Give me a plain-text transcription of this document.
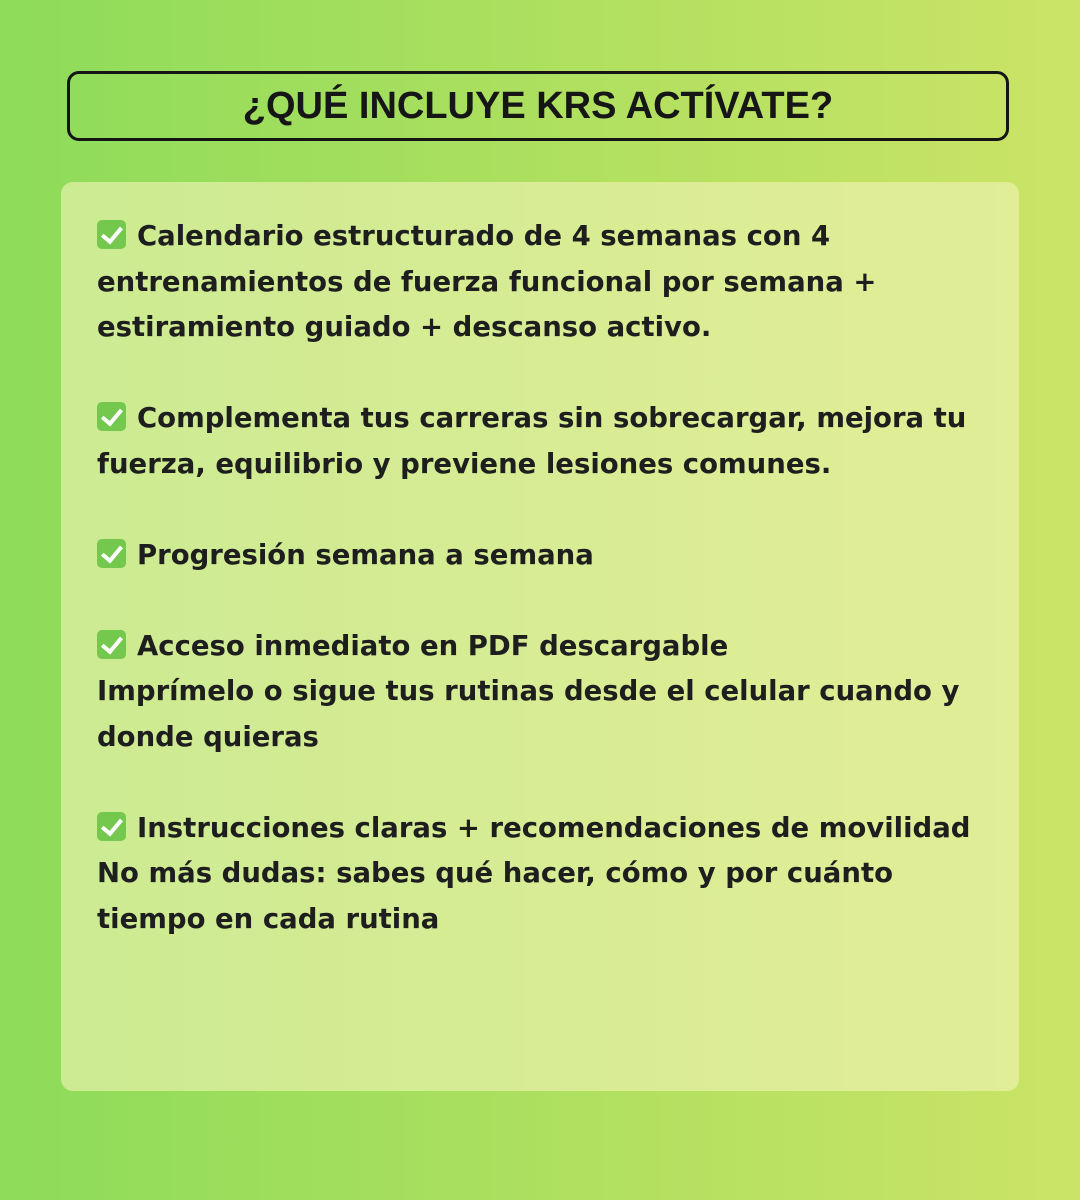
¿QUÉ INCLUYE KRS ACTÍVATE?

Calendario estructurado de 4 semanas con 4 entrenamientos de fuerza funcional por semana + estiramiento guiado + descanso activo.

Complementa tus carreras sin sobrecargar, mejora tu fuerza, equilibrio y previene lesiones comunes.

Progresión semana a semana

Acceso inmediato en PDF descargable

Imprímelo o sigue tus rutinas desde el celular cuando y donde quieras

Instrucciones claras + recomendaciones de movilidad

No más dudas: sabes qué hacer, cómo y por cuánto tiempo en cada rutina
